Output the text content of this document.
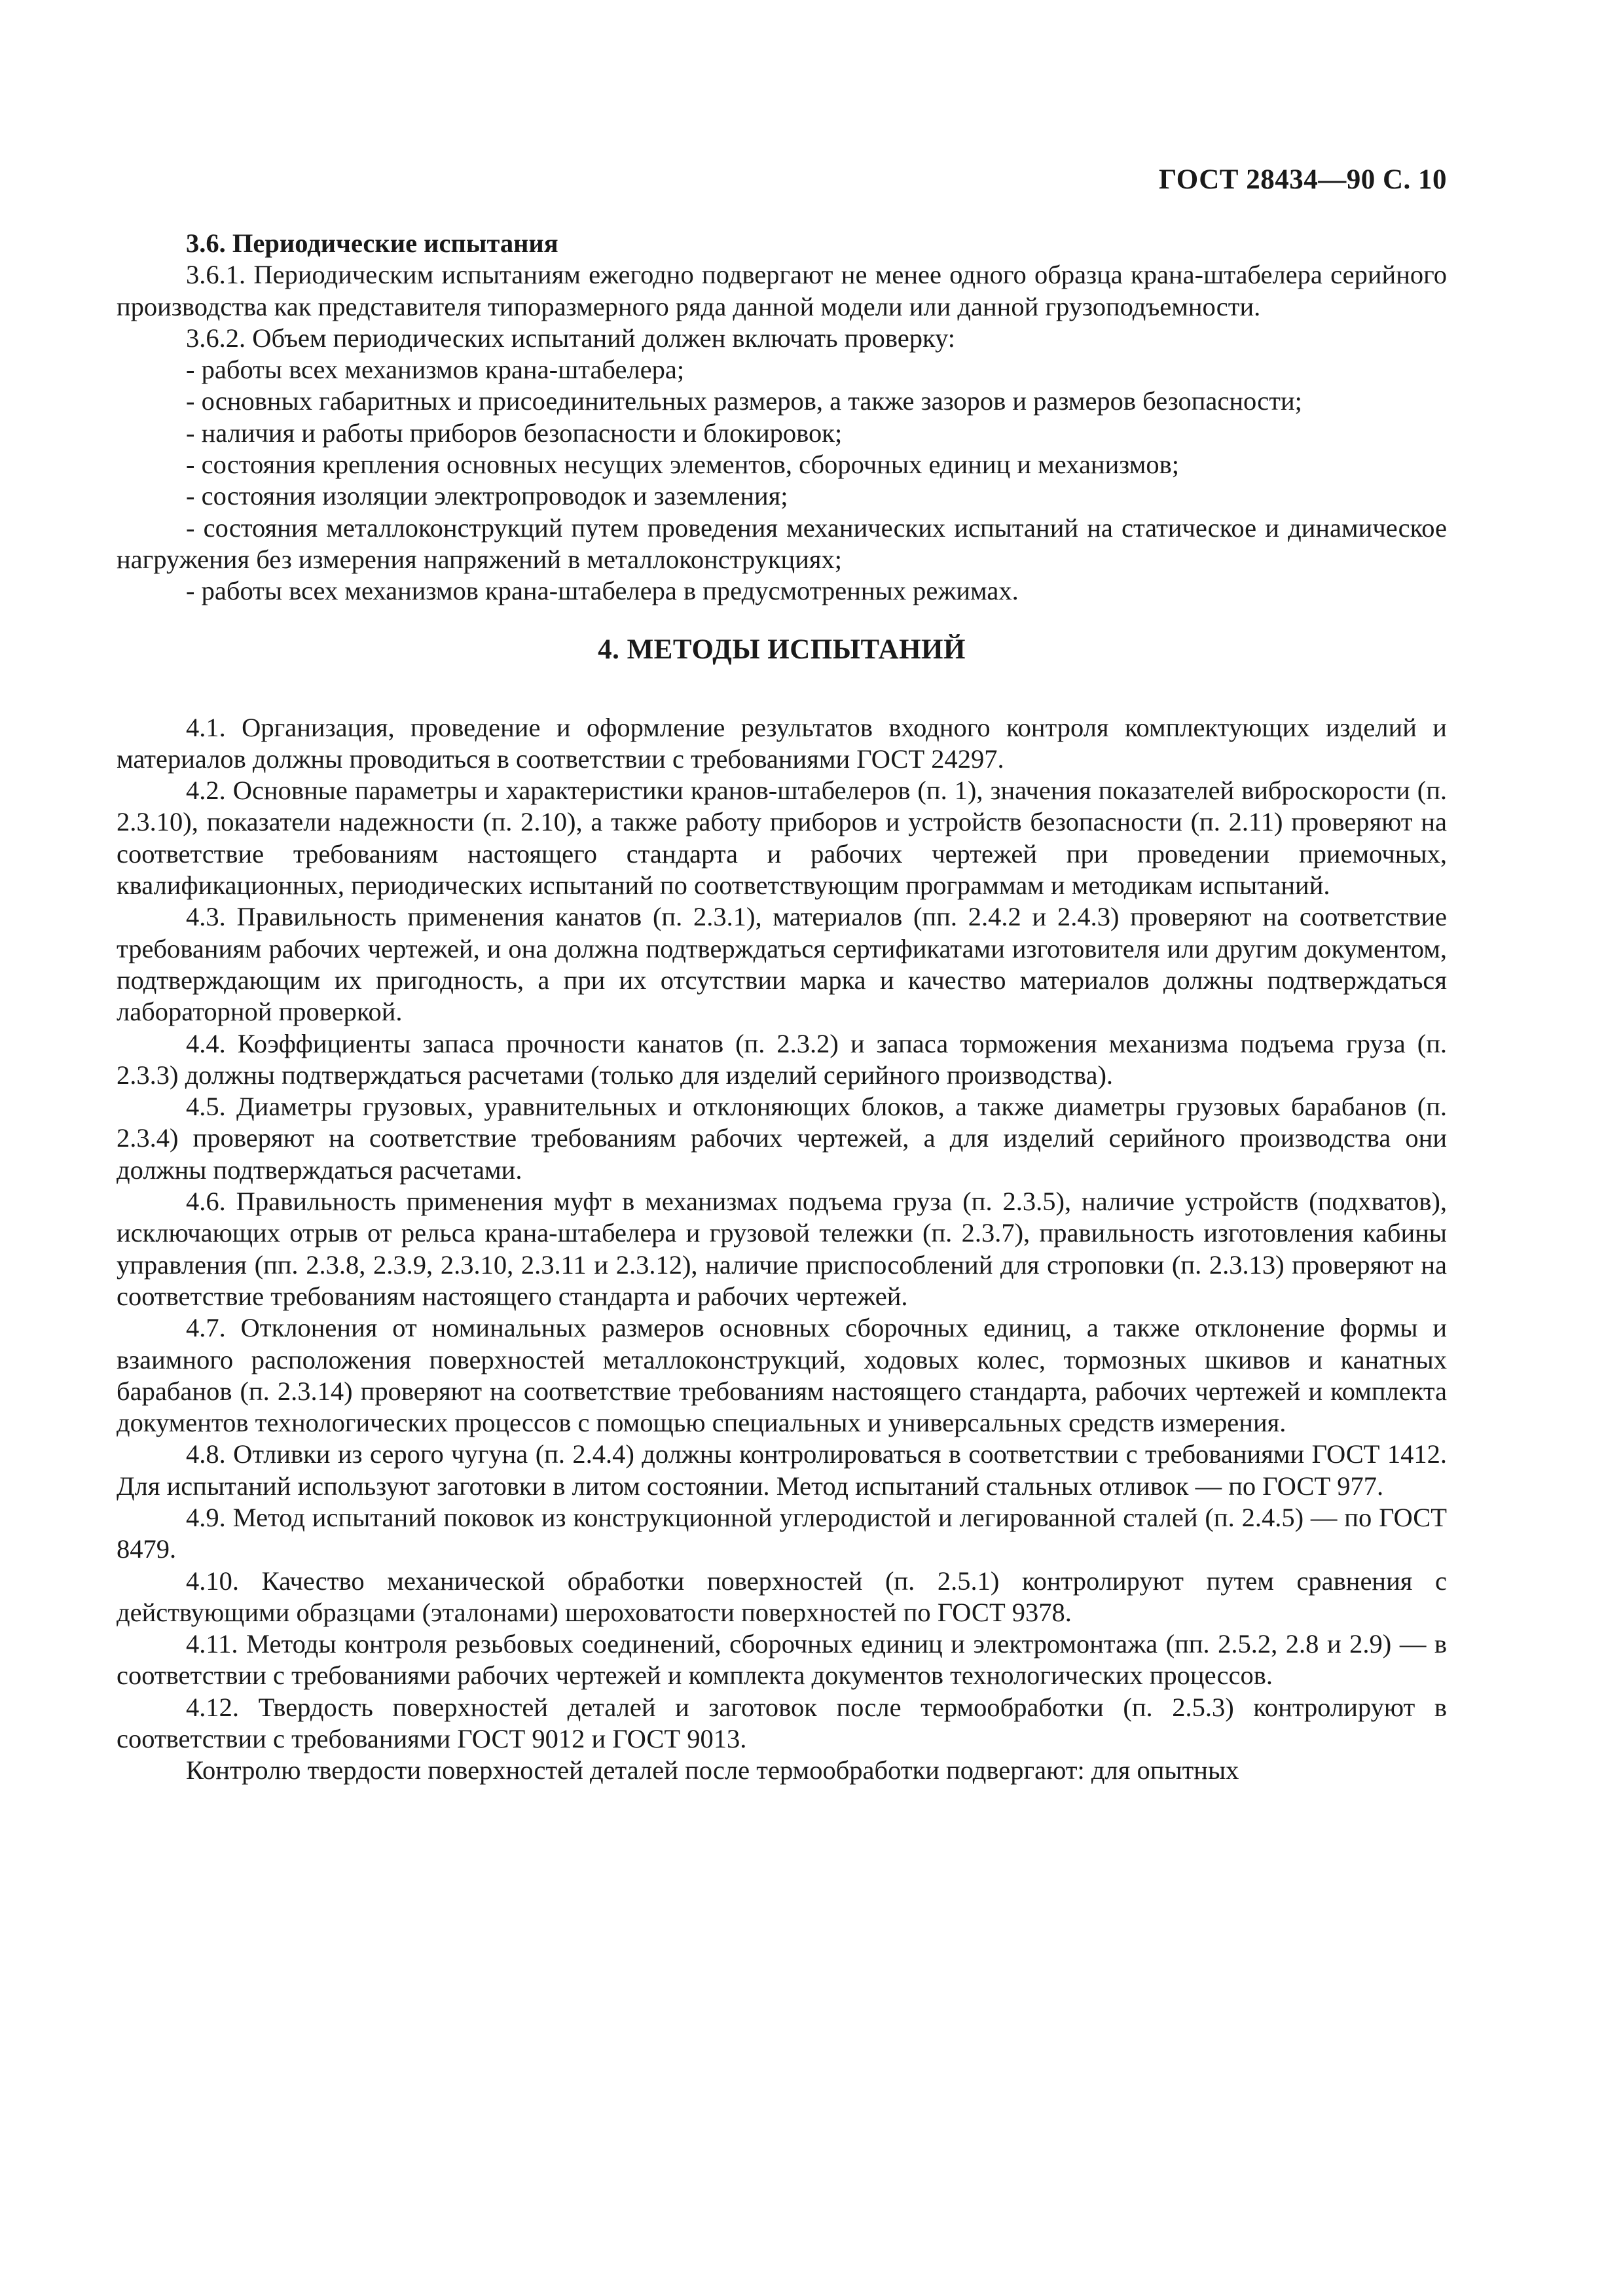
ГОСТ 28434—90 С. 10

3.6. Периодические испытания

3.6.1. Периодическим испытаниям ежегодно подвергают не менее одного образца крана-штабелера серийного производства как представителя типоразмерного ряда данной модели или данной грузоподъемности.

3.6.2. Объем периодических испытаний должен включать проверку:

- работы всех механизмов крана-штабелера;

- основных габаритных и присоединительных размеров, а также зазоров и размеров безопасности;

- наличия и работы приборов безопасности и блокировок;

- состояния крепления основных несущих элементов, сборочных единиц и механизмов;

- состояния изоляции электропроводок и заземления;

- состояния металлоконструкций путем проведения механических испытаний на статическое и динамическое нагружения без измерения напряжений в металлоконструкциях;

- работы всех механизмов крана-штабелера в предусмотренных режимах.

4. МЕТОДЫ ИСПЫТАНИЙ

4.1. Организация, проведение и оформление результатов входного контроля комплектующих изделий и материалов должны проводиться в соответствии с требованиями ГОСТ 24297.

4.2. Основные параметры и характеристики кранов-штабелеров (п. 1), значения показателей виброскорости (п. 2.3.10), показатели надежности (п. 2.10), а также работу приборов и устройств безопасности (п. 2.11) проверяют на соответствие требованиям настоящего стандарта и рабочих чертежей при проведении приемочных, квалификационных, периодических испытаний по соответствующим программам и методикам испытаний.

4.3. Правильность применения канатов (п. 2.3.1), материалов (пп. 2.4.2 и 2.4.3) проверяют на соответствие требованиям рабочих чертежей, и она должна подтверждаться сертификатами изготовителя или другим документом, подтверждающим их пригодность, а при их отсутствии марка и качество материалов должны подтверждаться лабораторной проверкой.

4.4. Коэффициенты запаса прочности канатов (п. 2.3.2) и запаса торможения механизма подъема груза (п. 2.3.3) должны подтверждаться расчетами (только для изделий серийного производства).

4.5. Диаметры грузовых, уравнительных и отклоняющих блоков, а также диаметры грузовых барабанов (п. 2.3.4) проверяют на соответствие требованиям рабочих чертежей, а для изделий серийного производства они должны подтверждаться расчетами.

4.6. Правильность применения муфт в механизмах подъема груза (п. 2.3.5), наличие устройств (подхватов), исключающих отрыв от рельса крана-штабелера и грузовой тележки (п. 2.3.7), правильность изготовления кабины управления (пп. 2.3.8, 2.3.9, 2.3.10, 2.3.11 и 2.3.12), наличие приспособлений для строповки (п. 2.3.13) проверяют на соответствие требованиям настоящего стандарта и рабочих чертежей.

4.7. Отклонения от номинальных размеров основных сборочных единиц, а также отклонение формы и взаимного расположения поверхностей металлоконструкций, ходовых колес, тормозных шкивов и канатных барабанов (п. 2.3.14) проверяют на соответствие требованиям настоящего стандарта, рабочих чертежей и комплекта документов технологических процессов с помощью специальных и универсальных средств измерения.

4.8. Отливки из серого чугуна (п. 2.4.4) должны контролироваться в соответствии с требованиями ГОСТ 1412. Для испытаний используют заготовки в литом состоянии. Метод испытаний стальных отливок — по ГОСТ 977.

4.9. Метод испытаний поковок из конструкционной углеродистой и легированной сталей (п. 2.4.5) — по ГОСТ 8479.

4.10. Качество механической обработки поверхностей (п. 2.5.1) контролируют путем сравнения с действующими образцами (эталонами) шероховатости поверхностей по ГОСТ 9378.

4.11. Методы контроля резьбовых соединений, сборочных единиц и электромонтажа (пп. 2.5.2, 2.8 и 2.9) — в соответствии с требованиями рабочих чертежей и комплекта документов технологических процессов.

4.12. Твердость поверхностей деталей и заготовок после термообработки (п. 2.5.3) контролируют в соответствии с требованиями ГОСТ 9012 и ГОСТ 9013.

Контролю твердости поверхностей деталей после термообработки подвергают: для опытных
